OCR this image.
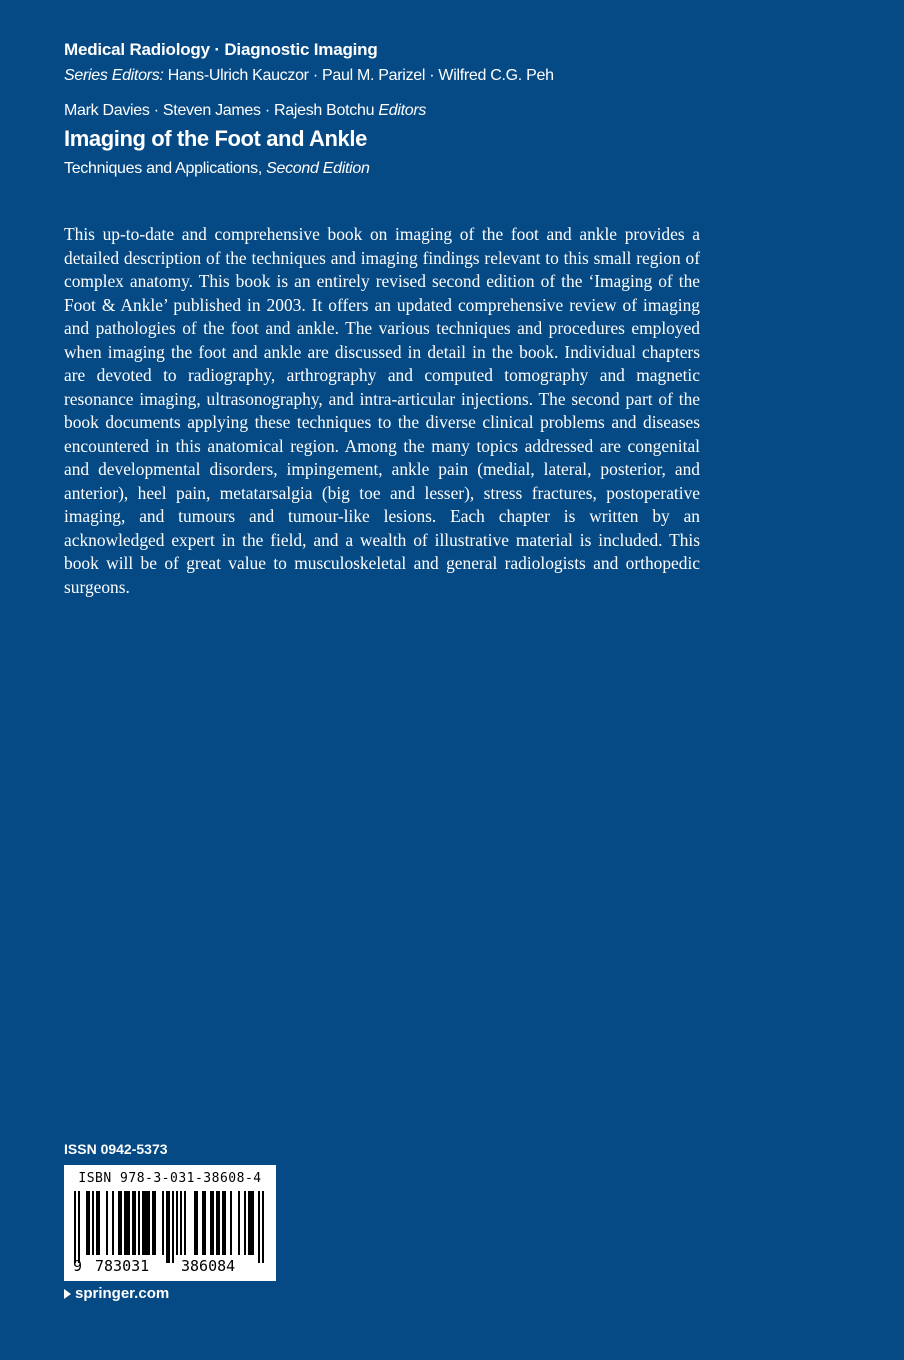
Medical Radiology · Diagnostic Imaging
Series Editors: Hans-Ulrich Kauczor · Paul M. Parizel · Wilfred C.G. Peh
Mark Davies · Steven James · Rajesh Botchu Editors
Imaging of the Foot and Ankle
Techniques and Applications, Second Edition

This up-to-date and comprehensive book on imaging of the foot and ankle provides a detailed description of the techniques and imaging findings relevant to this small region of complex anatomy. This book is an entirely revised second edition of the ‘Imaging of the Foot & Ankle’ published in 2003. It offers an updated comprehensive review of imaging and pathologies of the foot and ankle. The various techniques and procedures employed when imaging the foot and ankle are discussed in detail in the book. Individual chapters are devoted to radiography, arthrography and computed tomography and magnetic resonance imaging, ultrasonography, and intra-articular injections. The second part of the book documents applying these techniques to the diverse clinical problems and diseases encountered in this anatomical region. Among the many topics addressed are congenital and developmental disorders, impingement, ankle pain (medial, lateral, posterior, and anterior), heel pain, metatarsalgia (big toe and lesser), stress fractures, postoperative imaging, and tumours and tumour-like lesions. Each chapter is written by an acknowledged expert in the field, and a wealth of illustrative material is included. This book will be of great value to musculoskeletal and general radiologists and orthopedic surgeons.

ISSN 0942-5373
ISBN 978-3-031-38608-4
9 783031 386084
springer.com
